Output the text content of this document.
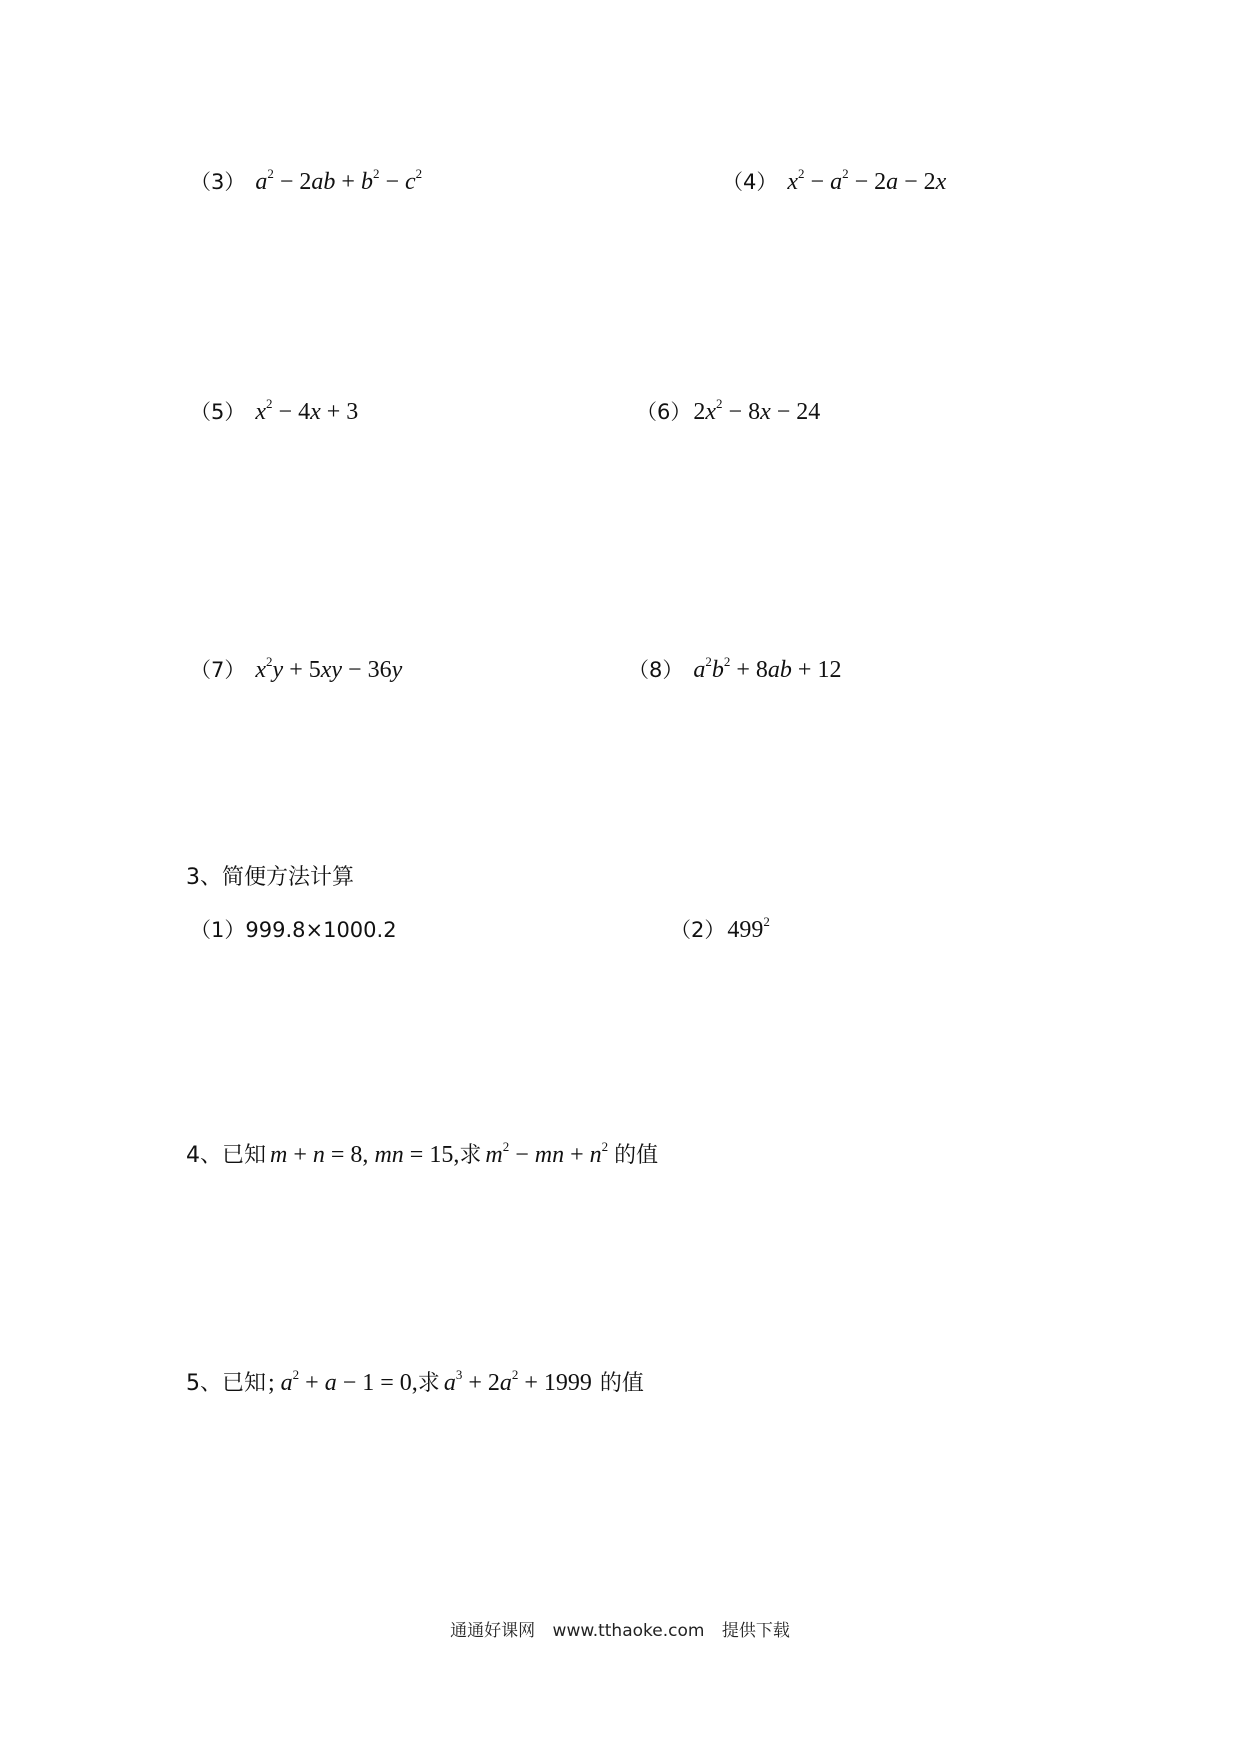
（3） $a^2 - 2ab + b^2 - c^2$	（4） $x^2 - a^2 - 2a - 2x$
（5） $x^2 - 4x + 3$	$(6)2x^2 - 8x - 24$
（7） $x^2y + 5xy - 36y$	（8） $a^2b^2 + 8ab + 12$
3、简便方法计算
（1）999.8×1000.2	$(2)499^2$
4、已知 m + n = 8, mn = 15,求 $m^2$ − mn + $n^2$ 的值
5、已知; $a^2 + a - 1 = 0$,求 $a^3 + 2a^2 + 1999$ 的值
通通好课网 www.tthaoke.com 提供下载
